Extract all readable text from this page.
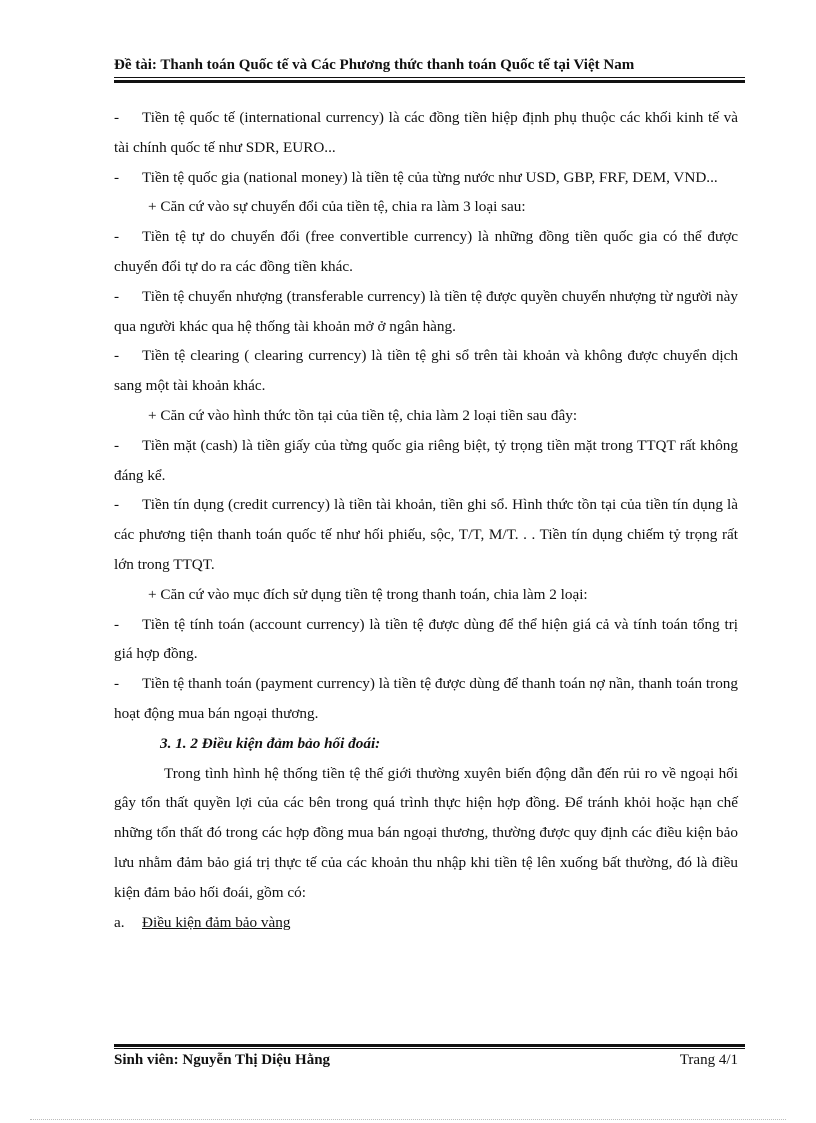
Đề tài: Thanh toán Quốc tế và Các Phương thức thanh toán Quốc tế tại Việt Nam

- Tiền tệ quốc tế (international currency) là các đồng tiền hiệp định phụ thuộc các khối kinh tế và tài chính quốc tế như SDR, EURO...

- Tiền tệ quốc gia (national money) là tiền tệ của từng nước như USD, GBP, FRF, DEM, VND...

+ Căn cứ vào sự chuyển đổi của tiền tệ, chia ra làm 3 loại sau:

- Tiền tệ tự do chuyển đổi (free convertible currency) là những đồng tiền quốc gia có thể được chuyển đổi tự do ra các đồng tiền khác.

- Tiền tệ chuyển nhượng (transferable currency) là tiền tệ được quyền chuyển nhượng từ người này qua người khác qua hệ thống tài khoản mở ở ngân hàng.

- Tiền tệ clearing ( clearing currency) là tiền tệ ghi sổ trên tài khoản và không được chuyển dịch sang một tài khoản khác.

+ Căn cứ vào hình thức tồn tại của tiền tệ, chia làm 2 loại tiền sau đây:

- Tiền mặt (cash) là tiền giấy của từng quốc gia riêng biệt, tỷ trọng tiền mặt trong TTQT rất không đáng kể.

- Tiền tín dụng (credit currency) là tiền tài khoản, tiền ghi sổ. Hình thức tồn tại của tiền tín dụng là các phương tiện thanh toán quốc tế như hối phiếu, sộc, T/T, M/T. . . Tiền tín dụng chiếm tỷ trọng rất lớn trong TTQT.

+ Căn cứ vào mục đích sử dụng tiền tệ trong thanh toán, chia làm 2 loại:

- Tiền tệ tính toán (account currency) là tiền tệ được dùng để thể hiện giá cả và tính toán tổng trị giá hợp đồng.

- Tiền tệ thanh toán (payment currency) là tiền tệ được dùng để thanh toán nợ nần, thanh toán trong hoạt động mua bán ngoại thương.

3. 1. 2 Điều kiện đảm bảo hối đoái:

Trong tình hình hệ thống tiền tệ thế giới thường xuyên biến động dẫn đến rủi ro về ngoại hối gây tổn thất quyền lợi của các bên trong quá trình thực hiện hợp đồng. Để tránh khỏi hoặc hạn chế những tổn thất đó trong các hợp đồng mua bán ngoại thương, thường được quy định các điều kiện bảo lưu nhằm đảm bảo giá trị thực tế của các khoản thu nhập khi tiền tệ lên xuống bất thường, đó là điều kiện đảm bảo hối đoái, gồm có:

a.	Điều kiện đảm bảo vàng
Sinh viên: Nguyễn Thị Diệu Hằng	Trang 4/1
